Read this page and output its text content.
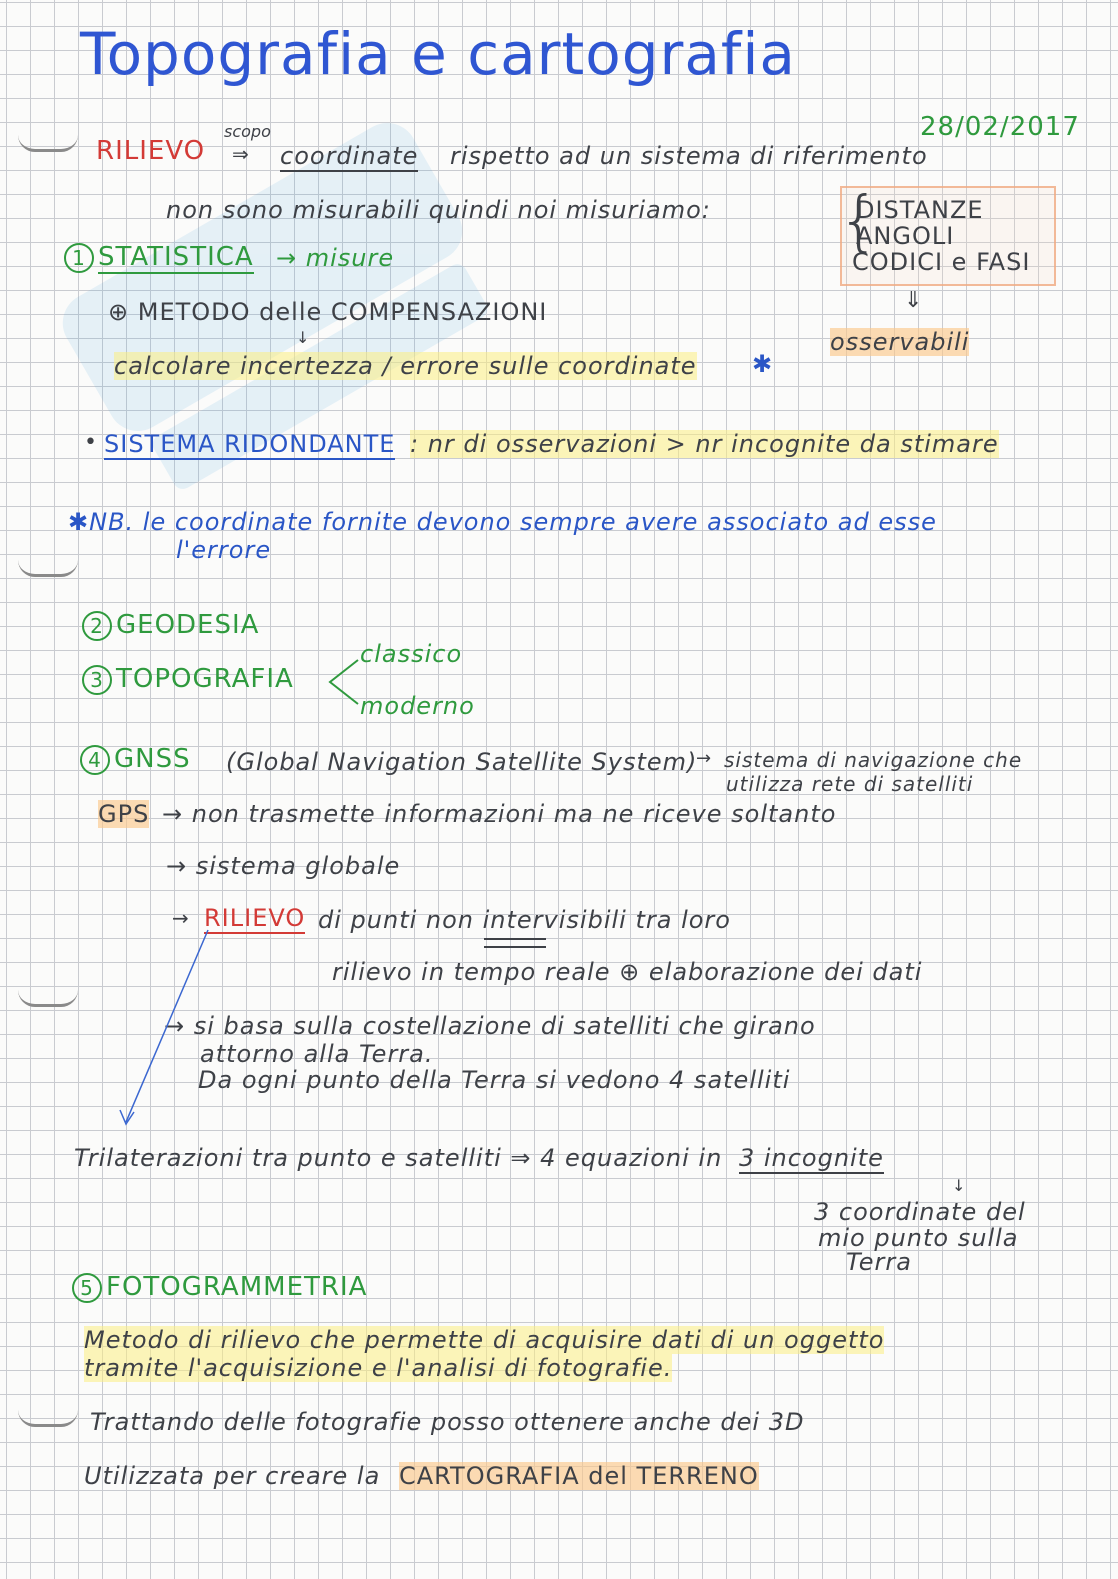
Topografia e cartografia
28/02/2017
RILIEVO
scopo
⇒ coordinate rispetto ad un sistema di riferimento
non sono misurabili quindi noi misuriamo: {
DISTANZE
ANGOLI
CODICI e FASI
⇓
osservabili
1 STATISTICA → misure
⊕ METODO delle COMPENSAZIONI
↓
calcolare incertezza / errore sulle coordinate ✱
• SISTEMA RIDONDANTE : nr di osservazioni > nr incognite da stimare
✱NB. le coordinate fornite devono sempre avere associato ad esse
l'errore
2 GEODESIA
3 TOPOGRAFIA
classico
moderno
4 GNSS (Global Navigation Satellite System)
→ sistema di navigazione che
utilizza rete di satelliti
GPS → non trasmette informazioni ma ne riceve soltanto
→ sistema globale
→ RILIEVO di punti non intervisibili tra loro
rilievo in tempo reale ⊕ elaborazione dei dati
→ si basa sulla costellazione di satelliti che girano
attorno alla Terra.
Da ogni punto della Terra si vedono 4 satelliti
Trilaterazioni tra punto e satelliti ⇒ 4 equazioni in 3 incognite
↓
3 coordinate del
mio punto sulla
Terra
5 FOTOGRAMMETRIA
Metodo di rilievo che permette di acquisire dati di un oggetto
tramite l'acquisizione e l'analisi di fotografie.
Trattando delle fotografie posso ottenere anche dei 3D
Utilizzata per creare la CARTOGRAFIA del TERRENO
